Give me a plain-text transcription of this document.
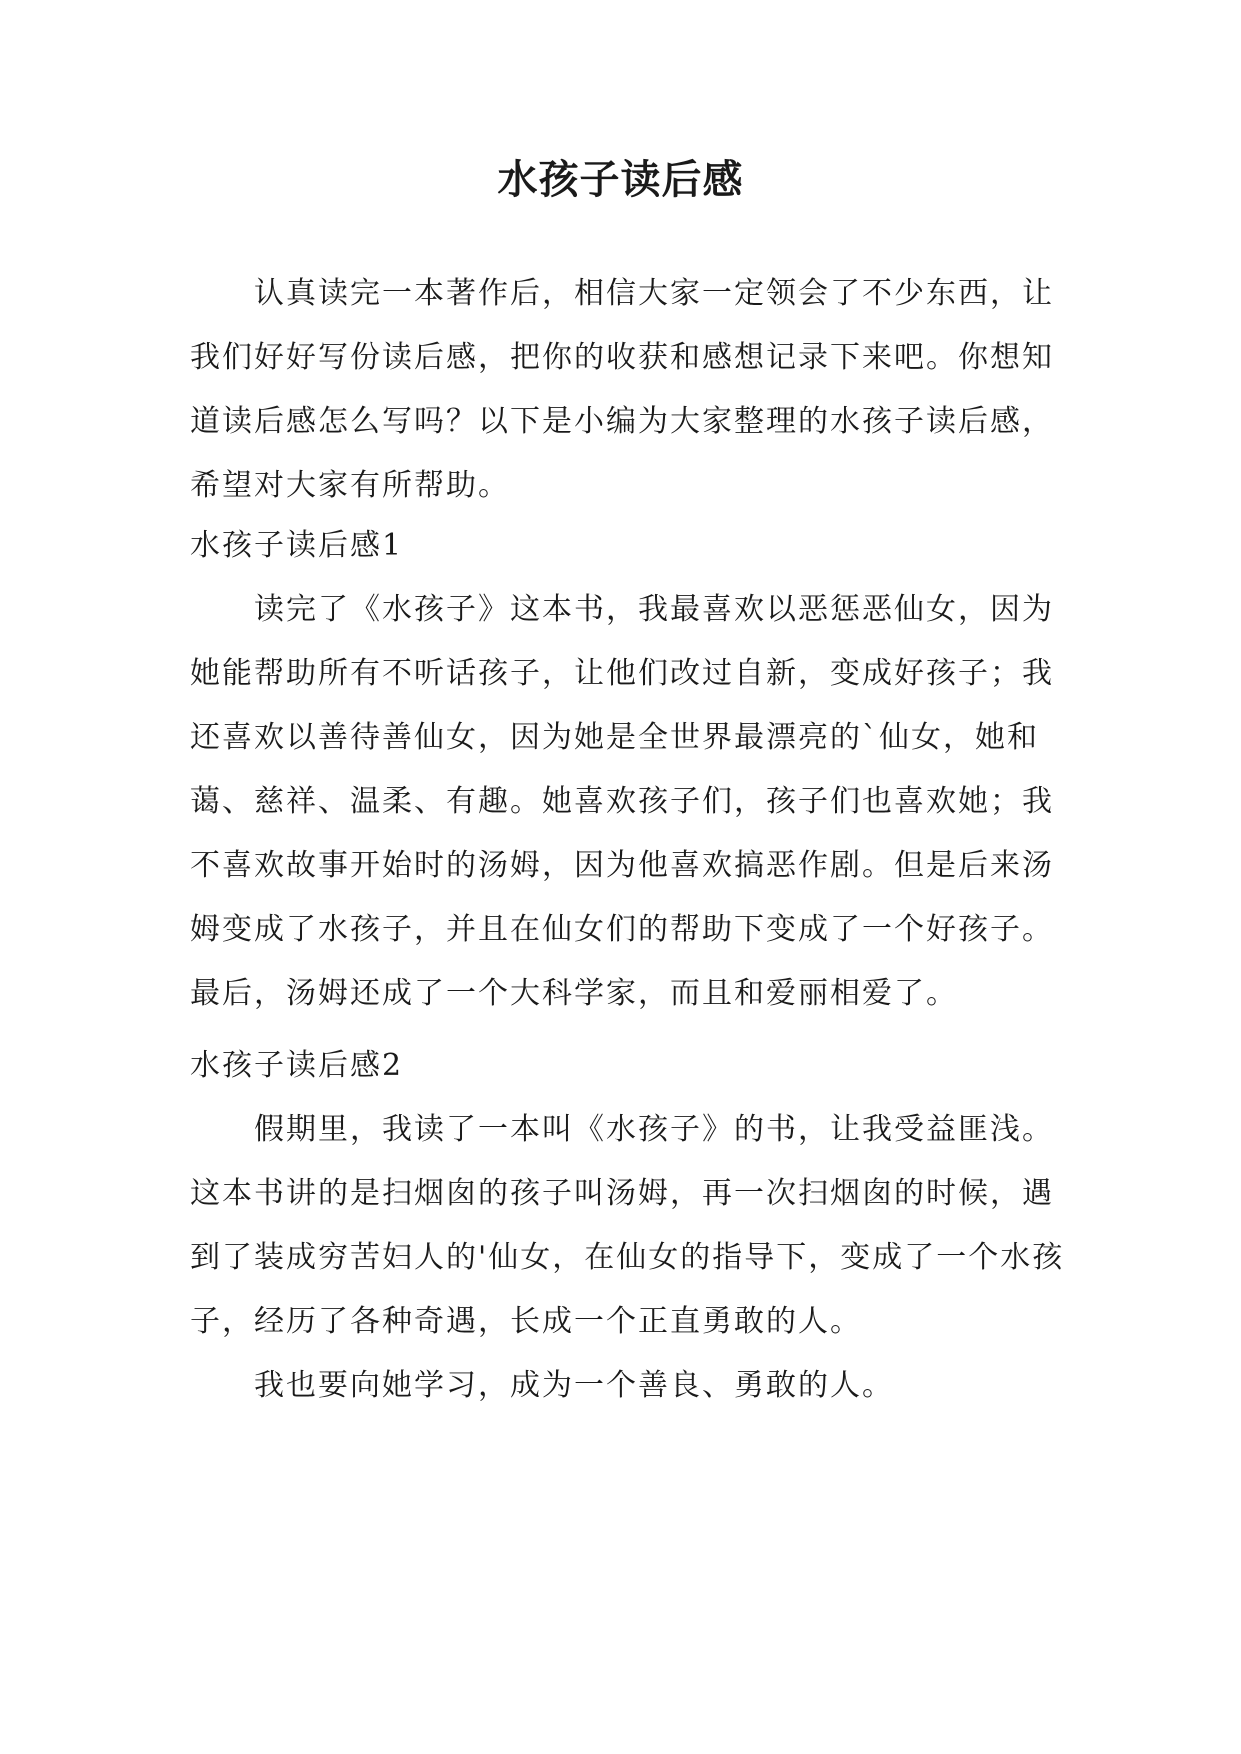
水孩子读后感

认真读完一本著作后，相信大家一定领会了不少东西，让我们好好写份读后感，把你的收获和感想记录下来吧。你想知道读后感怎么写吗？以下是小编为大家整理的水孩子读后感，希望对大家有所帮助。

水孩子读后感1

读完了《水孩子》这本书，我最喜欢以恶惩恶仙女，因为她能帮助所有不听话孩子，让他们改过自新，变成好孩子；我还喜欢以善待善仙女，因为她是全世界最漂亮的`仙女，她和蔼、慈祥、温柔、有趣。她喜欢孩子们，孩子们也喜欢她；我不喜欢故事开始时的汤姆，因为他喜欢搞恶作剧。但是后来汤姆变成了水孩子，并且在仙女们的帮助下变成了一个好孩子。最后，汤姆还成了一个大科学家，而且和爱丽相爱了。

水孩子读后感2

假期里，我读了一本叫《水孩子》的书，让我受益匪浅。这本书讲的是扫烟囱的孩子叫汤姆，再一次扫烟囱的时候，遇到了装成穷苦妇人的'仙女，在仙女的指导下，变成了一个水孩子，经历了各种奇遇，长成一个正直勇敢的人。

我也要向她学习，成为一个善良、勇敢的人。
